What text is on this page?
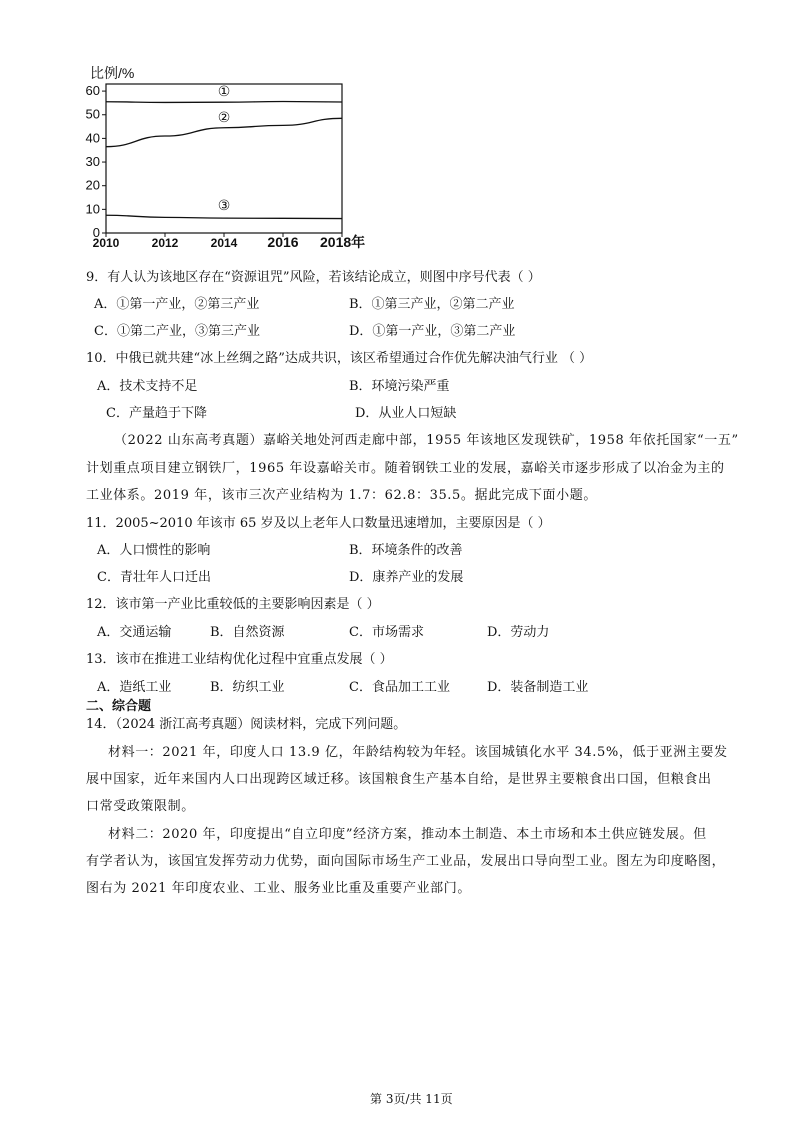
比例/%
0
10
20
30
40
50
60
2010	2012	2014 2016 2018年
①
②
③
9．有人认为该地区存在“资源诅咒”风险，若该结论成立，则图中序号代表（ ）
A．①第一产业，②第三产业	B．①第三产业，②第二产业
C．①第二产业，③第三产业	D．①第一产业，③第二产业
10．中俄已就共建“冰上丝绸之路”达成共识，该区希望通过合作优先解决油气行业 （ ）
A．技术支持不足	B．环境污染严重
C．产量趋于下降	D．从业人口短缺
（2022 山东高考真题）嘉峪关地处河西走廊中部，1955 年该地区发现铁矿，1958 年依托国家“一五”
计划重点项目建立钢铁厂，1965 年设嘉峪关市。随着钢铁工业的发展，嘉峪关市逐步形成了以冶金为主的
工业体系。2019 年，该市三次产业结构为 1.7：62.8：35.5。据此完成下面小题。
11．2005~2010 年该市 65 岁及以上老年人口数量迅速增加，主要原因是（ ）
A．人口惯性的影响	B．环境条件的改善
C．青壮年人口迁出	D．康养产业的发展
12．该市第一产业比重较低的主要影响因素是（ ）
A．交通运输	B．自然资源	C．市场需求	D．劳动力
13．该市在推进工业结构优化过程中宜重点发展（ ）
A．造纸工业	B．纺织工业	C．食品加工工业	D．装备制造工业
二、综合题
14．（2024 浙江高考真题）阅读材料，完成下列问题。
材料一：2021 年，印度人口 13.9 亿，年龄结构较为年轻。该国城镇化水平 34.5%，低于亚洲主要发
展中国家，近年来国内人口出现跨区域迁移。该国粮食生产基本自给，是世界主要粮食出口国，但粮食出
口常受政策限制。
材料二：2020 年，印度提出“自立印度”经济方案，推动本土制造、本土市场和本土供应链发展。但
有学者认为，该国宜发挥劳动力优势，面向国际市场生产工业品，发展出口导向型工业。图左为印度略图，
图右为 2021 年印度农业、工业、服务业比重及重要产业部门。
第 3页/共 11页
